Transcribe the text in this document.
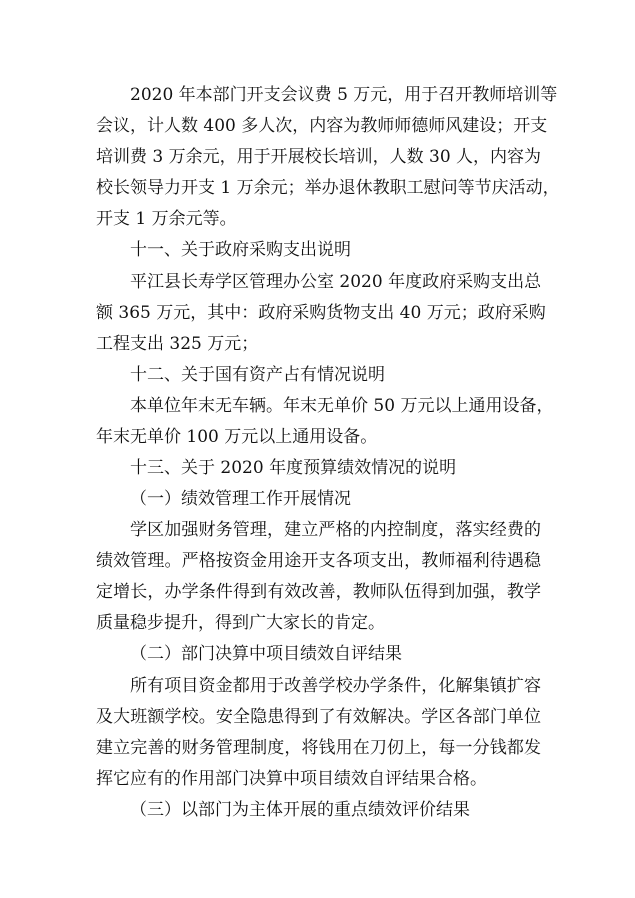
2020 年本部门开支会议费 5 万元，用于召开教师培训等
会议，计人数 400 多人次，内容为教师师德师风建设；开支
培训费 3 万余元，用于开展校长培训，人数 30 人，内容为
校长领导力开支 1 万余元；举办退休教职工慰问等节庆活动，
开支 1 万余元等。
十一、关于政府采购支出说明
平江县长寿学区管理办公室 2020 年度政府采购支出总
额 365 万元，其中：政府采购货物支出 40 万元；政府采购
工程支出 325 万元；
十二、关于国有资产占有情况说明
本单位年末无车辆。年末无单价 50 万元以上通用设备，
年末无单价 100 万元以上通用设备。
十三、关于 2020 年度预算绩效情况的说明
（一）绩效管理工作开展情况
学区加强财务管理，建立严格的内控制度，落实经费的
绩效管理。严格按资金用途开支各项支出，教师福利待遇稳
定增长，办学条件得到有效改善，教师队伍得到加强，教学
质量稳步提升，得到广大家长的肯定。
（二）部门决算中项目绩效自评结果
所有项目资金都用于改善学校办学条件，化解集镇扩容
及大班额学校。安全隐患得到了有效解决。学区各部门单位
建立完善的财务管理制度，将钱用在刀仞上，每一分钱都发
挥它应有的作用部门决算中项目绩效自评结果合格。
（三）以部门为主体开展的重点绩效评价结果
